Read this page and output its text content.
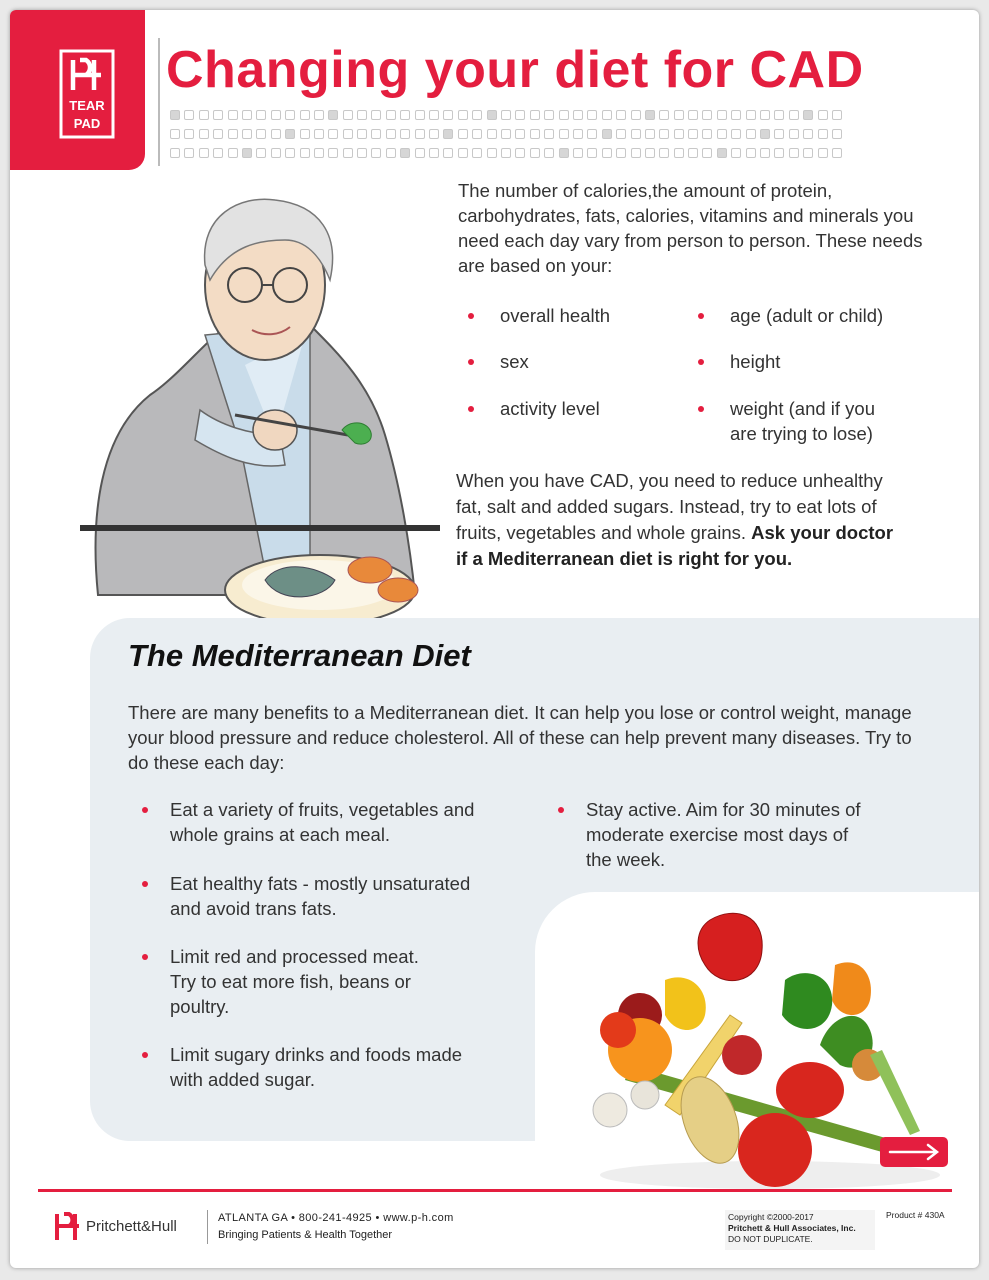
TEAR
PAD
Changing your diet for CAD

The number of calories,the amount of protein, carbohydrates, fats, calories, vitamins and minerals you need each day vary from person to person. These needs are based on your:

overall health	age (adult or child)
sex	height
activity level	weight (and if you are trying to lose)

When you have CAD, you need to reduce unhealthy fat, salt and added sugars. Instead, try to eat lots of fruits, vegetables and whole grains. Ask your doctor if a Mediterranean diet is right for you.

The Mediterranean Diet

There are many benefits to a Mediterranean diet. It can help you lose or control weight, manage your blood pressure and reduce cholesterol. All of these can help prevent many diseases. Try to do these each day:

Eat a variety of fruits, vegetables and whole grains at each meal.
Eat healthy fats - mostly unsaturated and avoid trans fats.
Limit red and processed meat. Try to eat more fish, beans or poultry.
Limit sugary drinks and foods made with added sugar.
Stay active. Aim for 30 minutes of moderate exercise most days of the week.
Pritchett&Hull	ATLANTA GA • 800-241-4925 • www.p-h.com
Bringing Patients & Health Together
Copyright ©2000-2017
Pritchett & Hull Associates, Inc.
DO NOT DUPLICATE.
Product # 430A
